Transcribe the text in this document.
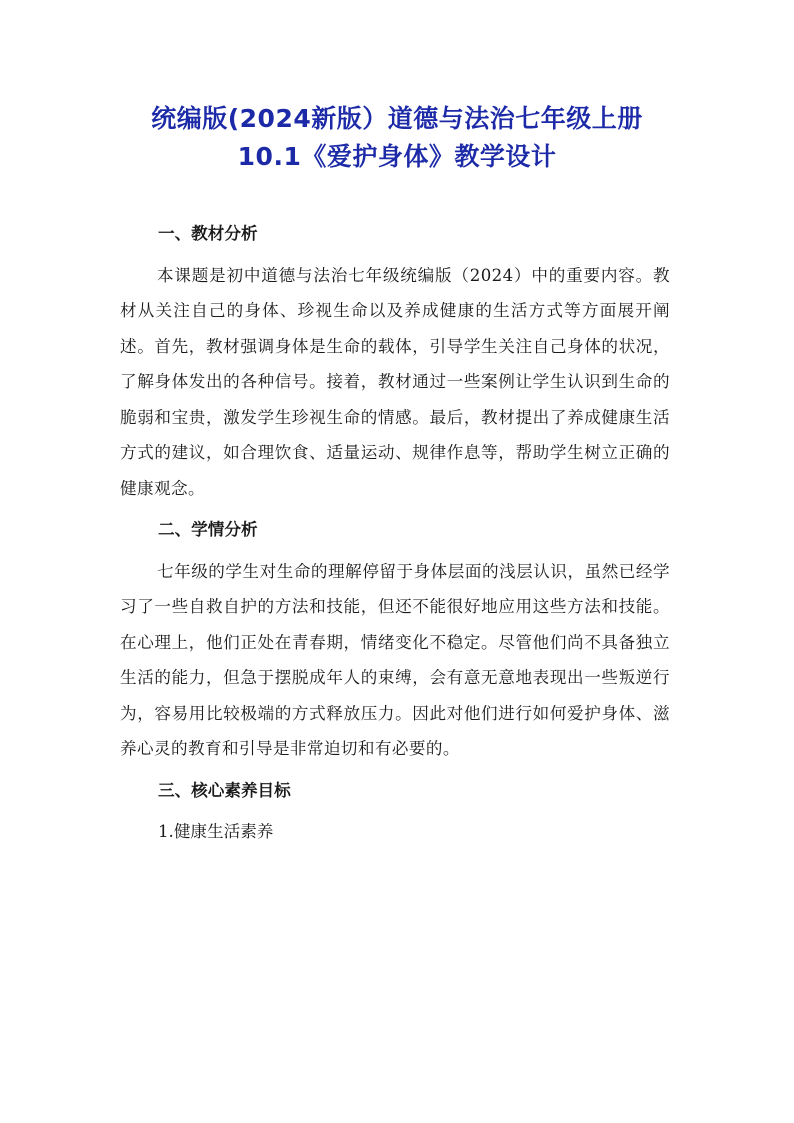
统编版(2024新版）道德与法治七年级上册
10.1《爱护身体》教学设计

一、教材分析

本课题是初中道德与法治七年级统编版（2024）中的重要内容。教材从关注自己的身体、珍视生命以及养成健康的生活方式等方面展开阐述。首先，教材强调身体是生命的载体，引导学生关注自己身体的状况，了解身体发出的各种信号。接着，教材通过一些案例让学生认识到生命的脆弱和宝贵，激发学生珍视生命的情感。最后，教材提出了养成健康生活方式的建议，如合理饮食、适量运动、规律作息等，帮助学生树立正确的健康观念。

二、学情分析

七年级的学生对生命的理解停留于身体层面的浅层认识，虽然已经学习了一些自救自护的方法和技能，但还不能很好地应用这些方法和技能。在心理上，他们正处在青春期，情绪变化不稳定。尽管他们尚不具备独立生活的能力，但急于摆脱成年人的束缚，会有意无意地表现出一些叛逆行为，容易用比较极端的方式释放压力。因此对他们进行如何爱护身体、滋养心灵的教育和引导是非常迫切和有必要的。

三、核心素养目标

1.健康生活素养
